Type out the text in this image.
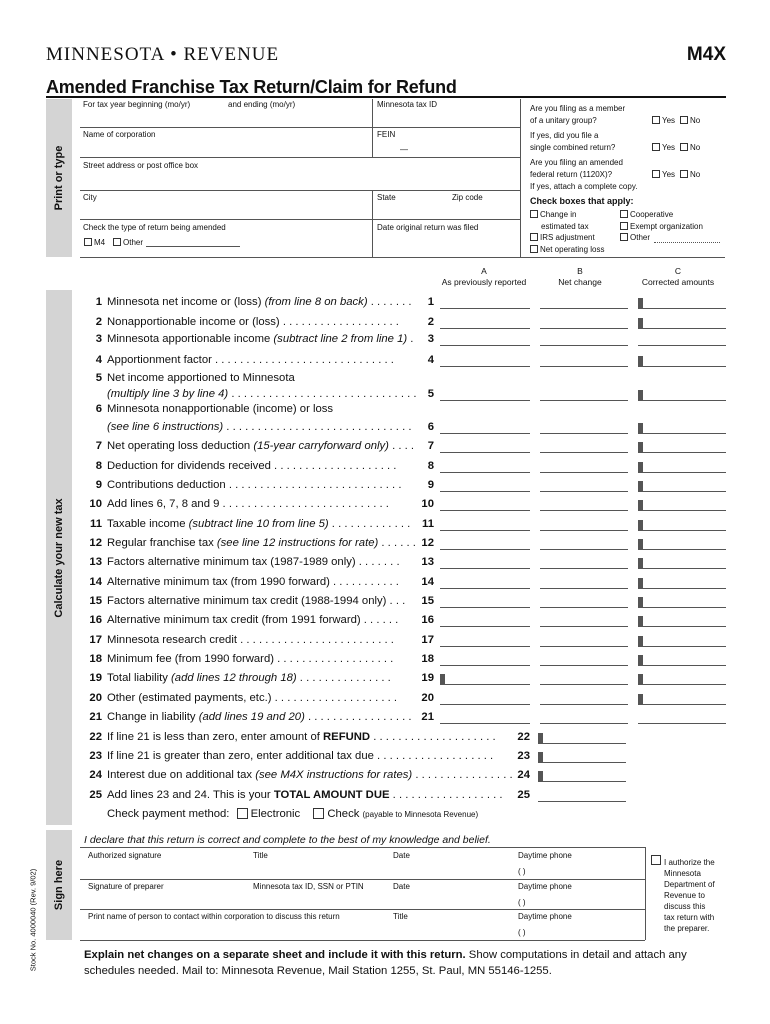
MINNESOTA • REVENUE	M4X
Amended Franchise Tax Return/Claim for Refund
Print or type
Calculate your new tax
Sign here
Stock No. 4000040 (Rev. 9/02)
For tax year beginning (mo/yr)	and ending (mo/yr)	Minnesota tax ID
Name of corporation	FEIN
—
Street address or post office box
City	State	Zip code
Check the type of return being amended
M4	Other
Date original return was filed
Are you filing as a member
of a unitary group?	Yes	No
If yes, did you file a
single combined return?	Yes	No
Are you filing an amended
federal return (1120X)?	Yes	No
If yes, attach a complete copy.
Check boxes that apply:
Change in
estimated tax
IRS adjustment
Net operating loss
Cooperative
Exempt organization
Other
A
As previously reported
B
Net change
C
Corrected amounts
1 Minnesota net income or (loss) (from line 8 on back) . . . . . . .	1
2 Nonapportionable income or (loss) . . . . . . . . . . . . . . . . . . .	2
3 Minnesota apportionable income (subtract line 2 from line 1) .	3
4 Apportionment factor . . . . . . . . . . . . . . . . . . . . . . . . . . . . .	4
5 Net income apportioned to Minnesota
(multiply line 3 by line 4) . . . . . . . . . . . . . . . . . . . . . . . . . . . . . . 5
6 Minnesota nonapportionable (income) or loss
(see line 6 instructions) . . . . . . . . . . . . . . . . . . . . . . . . . . . . . .	6
7 Net operating loss deduction (15-year carryforward only) . . . .	7
8 Deduction for dividends received . . . . . . . . . . . . . . . . . . . .	8
9 Contributions deduction . . . . . . . . . . . . . . . . . . . . . . . . . . . .	9
10 Add lines 6, 7, 8 and 9 . . . . . . . . . . . . . . . . . . . . . . . . . . .	10
11 Taxable income (subtract line 10 from line 5) . . . . . . . . . . . . .	11
12 Regular franchise tax (see line 12 instructions for rate) . . . . . . 12
13 Factors alternative minimum tax (1987-1989 only) . . . . . . .	13
14 Alternative minimum tax (from 1990 forward) . . . . . . . . . . .	14
15 Factors alternative minimum tax credit (1988-1994 only) . . .	15
16 Alternative minimum tax credit (from 1991 forward) . . . . . .	16
17 Minnesota research credit . . . . . . . . . . . . . . . . . . . . . . . . .	17
18 Minimum fee (from 1990 forward) . . . . . . . . . . . . . . . . . . .	18
19 Total liability (add lines 12 through 18) . . . . . . . . . . . . . . .	19
20 Other (estimated payments, etc.) . . . . . . . . . . . . . . . . . . . .	20
21 Change in liability (add lines 19 and 20) . . . . . . . . . . . . . . . . . 21
22 If line 21 is less than zero, enter amount of REFUND . . . . . . . . . . . . . . . . . . . .	22
23 If line 21 is greater than zero, enter additional tax due . . . . . . . . . . . . . . . . . . .	23
24 Interest due on additional tax (see M4X instructions for rates) . . . . . . . . . . . . . . . . 24
25 Add lines 23 and 24. This is your TOTAL AMOUNT DUE . . . . . . . . . . . . . . . . . .	25
Check payment method: Electronic Check (payable to Minnesota Revenue)
I declare that this return is correct and complete to the best of my knowledge and belief.
Authorized signature	Title	Date	Daytime phone
( )
Signature of preparer	Minnesota tax ID, SSN or PTIN	Date	Daytime phone
( )
Print name of person to contact within corporation to discuss this return	Title	Daytime phone
( )
I authorize the
Minnesota
Department of
Revenue to
discuss this
tax return with
the preparer.
Explain net changes on a separate sheet and include it with this return. Show computations in detail and attach any
schedules needed. Mail to: Minnesota Revenue, Mail Station 1255, St. Paul, MN 55146-1255.
